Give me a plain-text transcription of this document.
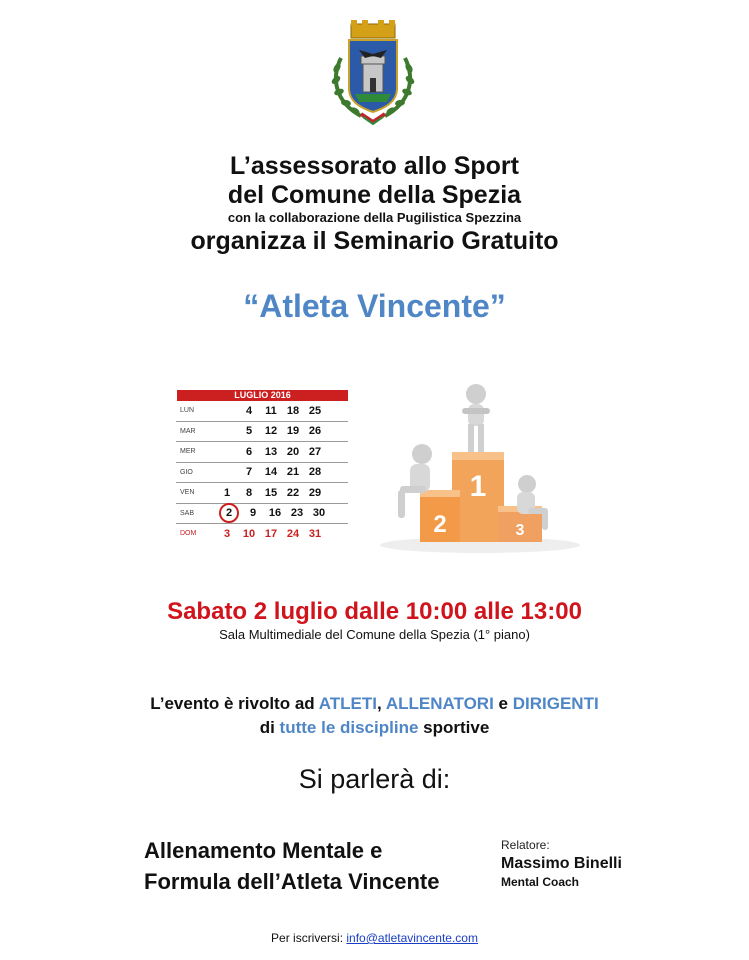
L’assessorato allo Sport
del Comune della Spezia
con la collaborazione della Pugilistica Spezzina
organizza il Seminario Gratuito
“Atleta Vincente”
LUGLIO 2016
LUN	4	11 18 25
MAR	5	12 19 26
MER	6	13 20 27
GIO	7	14 21 28
VEN	1	8	15 22 29
SAB	2	9	16 23 30
DOM	3	10 17 24 31
1
2	3
Sabato 2 luglio dalle 10:00 alle 13:00
Sala Multimediale del Comune della Spezia (1° piano)
L’evento è rivolto ad ATLETI, ALLENATORI e DIRIGENTI
di tutte le discipline sportive
Si parlerà di:
Allenamento Mentale e
Formula dell’Atleta Vincente
Relatore:
Massimo Binelli
Mental Coach
Per iscriversi: info@atletavincente.com
